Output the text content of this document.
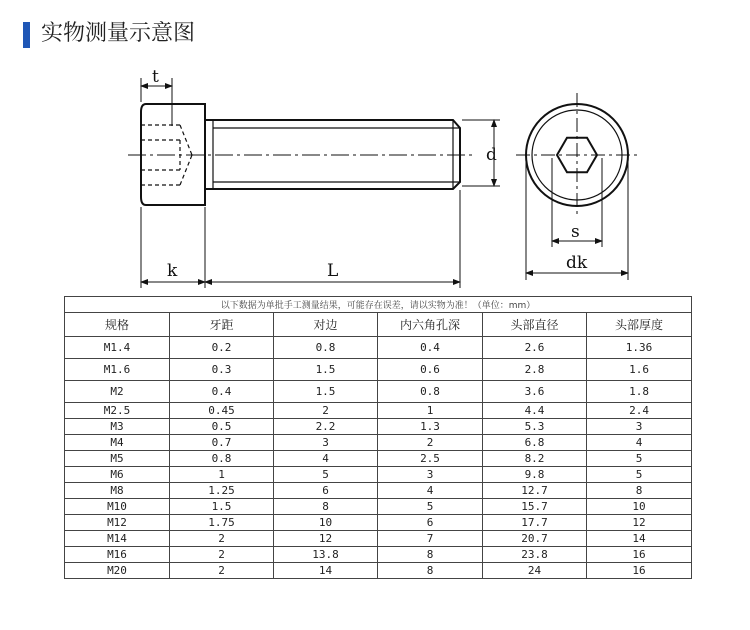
实物测量示意图
t
d
k	L
s
dk
以下数据为单批手工测量结果，可能存在误差，请以实物为准！（单位：mm）					
规格	牙距	对边	内六角孔深	头部直径	头部厚度
M1.4	0.2	0.8	0.4	2.6	1.36
M1.6	0.3	1.5	0.6	2.8	1.6
M2	0.4	1.5	0.8	3.6	1.8
M2.5	0.45	2	1	4.4	2.4
M3	0.5	2.2	1.3	5.3	3
M4	0.7	3	2	6.8	4
M5	0.8	4	2.5	8.2	5
M6	1	5	3	9.8	5
M8	1.25	6	4	12.7	8
M10	1.5	8	5	15.7	10
M12	1.75	10	6	17.7	12
M14	2	12	7	20.7	14
M16	2	13.8	8	23.8	16
M20	2	14	8	24	16
